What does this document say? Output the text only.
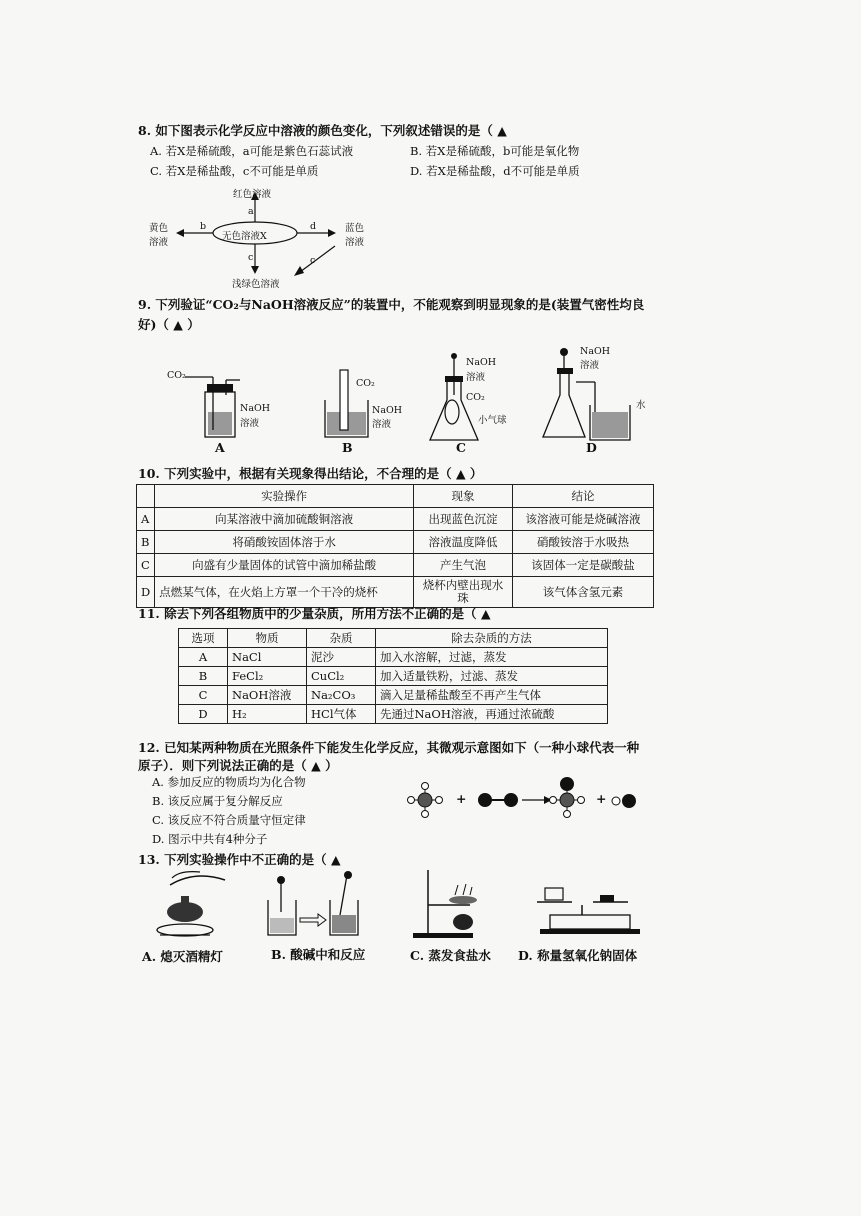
8. 如下图表示化学反应中溶液的颜色变化，下列叙述错误的是（ ▲
A. 若X是稀硫酸，a可能是紫色石蕊试液	B. 若X是稀硫酸，b可能是氧化物
C. 若X是稀盐酸，c不可能是单质	D. 若X是稀盐酸，d不可能是单质
红色溶液
无色溶液X
黄色溶液
蓝色溶液
浅绿色溶液
a
b	d
c	c
9. 下列验证“CO₂与NaOH溶液反应”的装置中，不能观察到明显现象的是(装置气密性均良
好)（ ▲ ）
CO₂
NaOH
溶液
A
CO₂
NaOH
溶液
B
NaOH
溶液
CO₂
小气球
C
NaOH
溶液
水
D
10. 下列实验中，根据有关现象得出结论，不合理的是（ ▲ ）
	实验操作	现象	结论
A	向某溶液中滴加硫酸铜溶液	出现蓝色沉淀	该溶液可能是烧碱溶液
B	将硝酸铵固体溶于水	溶液温度降低	硝酸铵溶于水吸热
C	向盛有少量固体的试管中滴加稀盐酸	产生气泡	该固体一定是碳酸盐
D	点燃某气体，在火焰上方罩一个干冷的烧杯	烧杯内壁出现水珠	该气体含氢元素
11. 除去下列各组物质中的少量杂质，所用方法不正确的是（ ▲
选项	物质	杂质	除去杂质的方法
A	NaCl	泥沙	加入水溶解，过滤，蒸发
B	FeCl₂	CuCl₂	加入适量铁粉，过滤、蒸发
C	NaOH溶液	Na₂CO₃	滴入足量稀盐酸至不再产生气体
D	H₂	HCl气体	先通过NaOH溶液，再通过浓硫酸
12. 已知某两种物质在光照条件下能发生化学反应，其微观示意图如下（一种小球代表一种
原子）．则下列说法正确的是（ ▲ ）
A. 参加反应的物质均为化合物
B. 该反应属于复分解反应
C. 该反应不符合质量守恒定律
D. 图示中共有4种分子
+	+
13. 下列实验操作中不正确的是（ ▲
A. 熄灭酒精灯	B. 酸碱中和反应	C. 蒸发食盐水 D. 称量氢氧化钠固体
